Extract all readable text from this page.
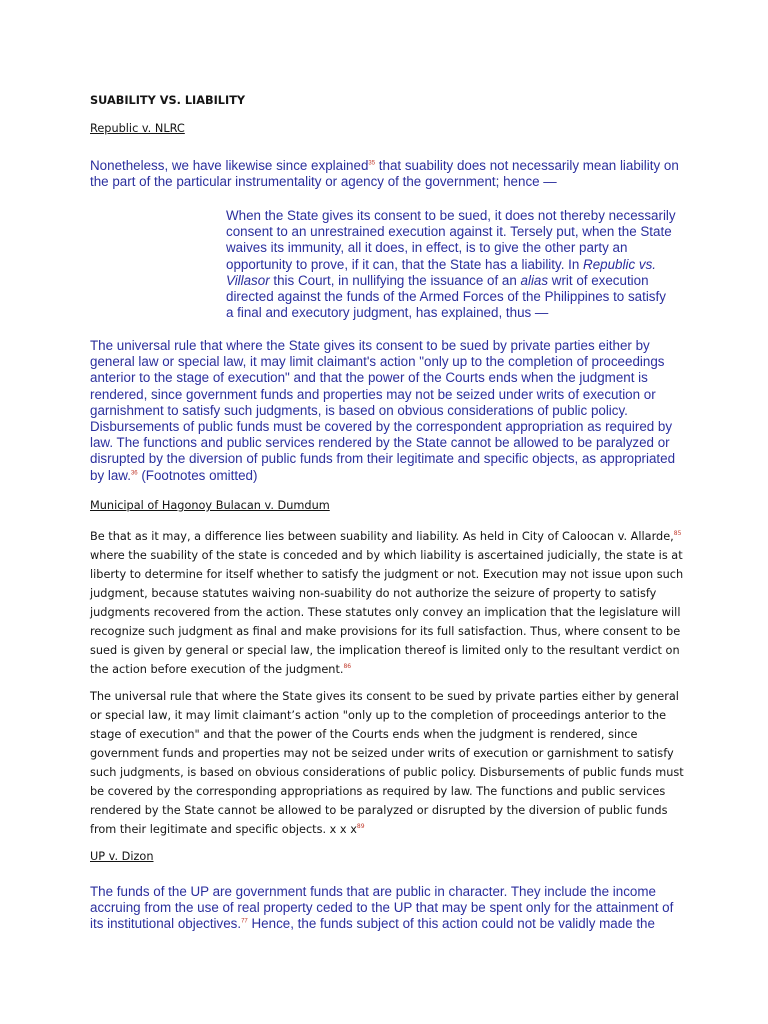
SUABILITY VS. LIABILITY
Republic v. NLRC

Nonetheless, we have likewise since explained$^{35}$ that suability does not necessarily mean liability on the part of the particular instrumentality or agency of the government; hence —

When the State gives its consent to be sued, it does not thereby necessarily consent to an unrestrained execution against it. Tersely put, when the State waives its immunity, all it does, in effect, is to give the other party an opportunity to prove, if it can, that the State has a liability. In Republic vs. Villasor this Court, in nullifying the issuance of an alias writ of execution directed against the funds of the Armed Forces of the Philippines to satisfy a final and executory judgment, has explained, thus —

The universal rule that where the State gives its consent to be sued by private parties either by general law or special law, it may limit claimant's action "only up to the completion of proceedings anterior to the stage of execution" and that the power of the Courts ends when the judgment is rendered, since government funds and properties may not be seized under writs of execution or garnishment to satisfy such judgments, is based on obvious considerations of public policy. Disbursements of public funds must be covered by the correspondent appropriation as required by law. The functions and public services rendered by the State cannot be allowed to be paralyzed or disrupted by the diversion of public funds from their legitimate and specific objects, as appropriated by law.$^{36}$ (Footnotes omitted)

Municipal of Hagonoy Bulacan v. Dumdum

Be that as it may, a difference lies between suability and liability. As held in City of Caloocan v. Allarde,$^{85}$ where the suability of the state is conceded and by which liability is ascertained judicially, the state is at liberty to determine for itself whether to satisfy the judgment or not. Execution may not issue upon such judgment, because statutes waiving non-suability do not authorize the seizure of property to satisfy judgments recovered from the action. These statutes only convey an implication that the legislature will recognize such judgment as final and make provisions for its full satisfaction. Thus, where consent to be sued is given by general or special law, the implication thereof is limited only to the resultant verdict on the action before execution of the judgment.$^{86}$

The universal rule that where the State gives its consent to be sued by private parties either by general or special law, it may limit claimant’s action "only up to the completion of proceedings anterior to the stage of execution" and that the power of the Courts ends when the judgment is rendered, since government funds and properties may not be seized under writs of execution or garnishment to satisfy such judgments, is based on obvious considerations of public policy. Disbursements of public funds must be covered by the corresponding appropriations as required by law. The functions and public services rendered by the State cannot be allowed to be paralyzed or disrupted by the diversion of public funds from their legitimate and specific objects. x x x$^{89}$

UP v. Dizon

The funds of the UP are government funds that are public in character. They include the income accruing from the use of real property ceded to the UP that may be spent only for the attainment of its institutional objectives.$^{77}$ Hence, the funds subject of this action could not be validly made the
